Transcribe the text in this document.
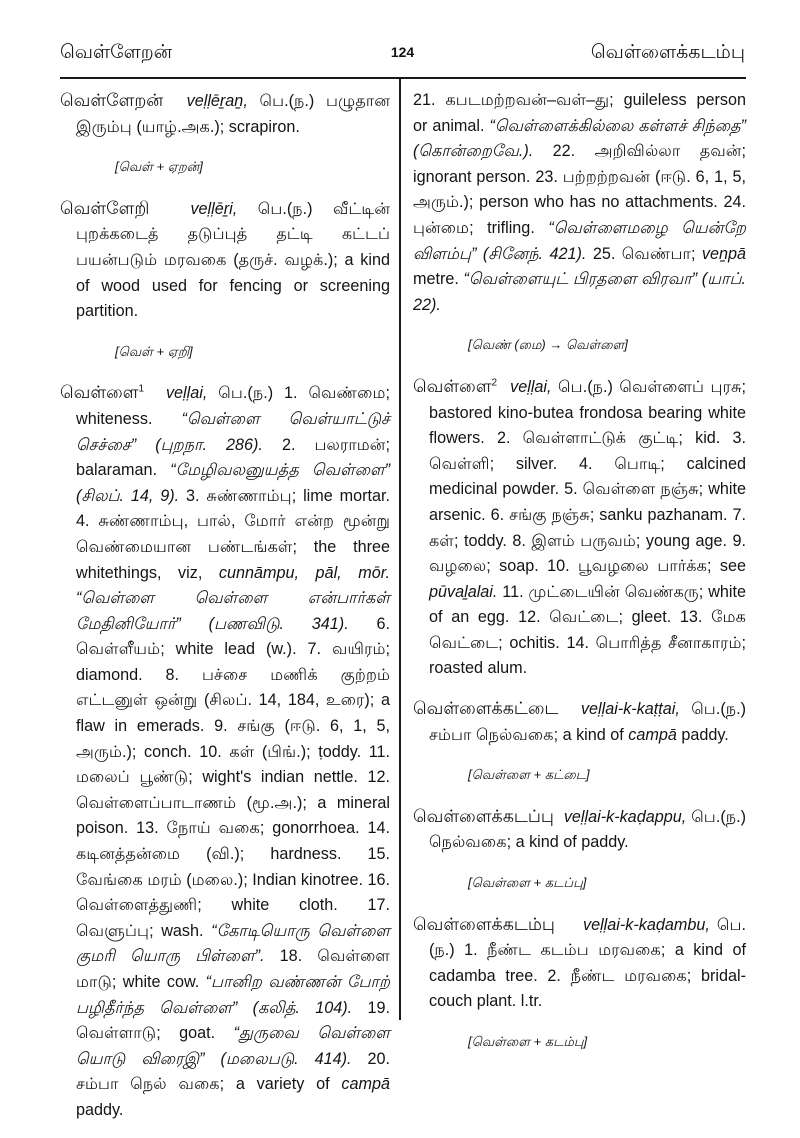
வெள்ளேறன்	124	வெள்ளைக்கடம்பு

வெள்ளேறன் veḷḷēṟaṉ, பெ.(ந.) பழுதான இரும்பு (யாழ்.அக.); scrapiron.

[வெள் + ஏறன்]

வெள்ளேறி	veḷḷēṟi, பெ.(ந.) வீட்டின் புறக்கடைத் தடுப்புத் தட்டி கட்டப் பயன்படும் மரவகை (தருச். வழக்.); a kind of wood used for fencing or screening partition.

[வெள் + ஏறி]

வெள்ளை$^1$ veḷḷai, பெ.(ந.) 1. வெண்மை; whiteness. “வெள்ளை வெள்யாட்டுச் செச்சை” (புறநா. 286). 2. பலராமன்; balaraman. “மேழிவலனுயத்த வெள்ளை” (சிலப். 14, 9). 3. சுண்ணாம்பு; lime mortar. 4. சுண்ணாம்பு, பால், மோர் என்ற மூன்று வெண்மையான பண்டங்கள்; the three whitethings, viz, cunnāmpu, pāl, mōr. “வெள்ளை வெள்ளை என்பார்கள் மேதினியோர்” (பணவிடு. 341). 6. வெள்ளீயம்; white lead (w.). 7. வயிரம்; diamond. 8. பச்சை மணிக் குற்றம் எட்டனுள் ஒன்று (சிலப். 14, 184, உரை); a flaw in emerads. 9. சங்கு (ஈடு. 6, 1, 5, அரும்.); conch. 10. கள் (பிங்.); ṭoddy. 11. மலைப் பூண்டு; wight's indian nettle. 12. வெள்ளைப்பாடாணம் (மூ.அ.); a mineral poison. 13. நோய் வகை; gonorrhoea. 14. கடினத்தன்மை (வி.); hardness. 15. வேங்கை மரம் (மலை.); Indian kinotree. 16. வெள்ளைத்துணி; white cloth. 17. வெளுப்பு; wash. “கோடியொரு வெள்ளை குமரி யொரு பிள்ளை”. 18. வெள்ளை மாடு; white cow. “பானிற வண்ணன் போற் பழிதீர்ந்த வெள்ளை” (கலித். 104). 19. வெள்ளாடு; goat. “துருவை வெள்ளை யொடு விரைஇ” (மலைபடு. 414). 20. சம்பா நெல் வகை; a variety of campā paddy.

21. கபடமற்றவன்–வள்–து; guileless person or animal. “வெள்ளைக்கில்லை கள்ளச் சிந்தை” (கொன்றைவே.). 22. அறிவில்லா தவன்; ignorant person. 23. பற்றற்றவன் (ஈடு. 6, 1, 5, அரும்.); person who has no attachments. 24. புன்மை; trifling. “வெள்ளைமழை யென்றே விளம்பு” (சினேந். 421). 25. வெண்பா; veṉpā metre. “வெள்ளையுட் பிரதளை விரவா” (யாப். 22).

[வெண் (மை) → வெள்ளை]

வெள்ளை$^2$ veḷḷai, பெ.(ந.) வெள்ளைப் புரசு; bastored kino-butea frondosa bearing white flowers. 2. வெள்ளாட்டுக் குட்டி; kid. 3. வெள்ளி; silver. 4. பொடி; calcined medicinal powder. 5. வெள்ளை நஞ்சு; white arsenic. 6. சங்கு நஞ்சு; sanku pazhanam. 7. கள்; toddy. 8. இளம் பருவம்; young age. 9. வழலை; soap. 10. பூவழலை பார்க்க; see pūvaḻalai. 11. முட்டையின் வெண்கரு; white of an egg. 12. வெட்டை; gleet. 13. மேக வெட்டை; ochitis. 14. பொரித்த சீனாகாரம்; roasted alum.

வெள்ளைக்கட்டை veḷḷai-k-kaṭṭai, பெ.(ந.) சம்பா நெல்வகை; a kind of campā paddy.

[வெள்ளை + கட்டை]

வெள்ளைக்கடப்பு veḷḷai-k-kaḍappu, பெ.(ந.) நெல்வகை; a kind of paddy.

[வெள்ளை + கடப்பு]

வெள்ளைக்கடம்பு veḷḷai-k-kaḍambu, பெ.(ந.) 1. நீண்ட கடம்ப மரவகை; a kind of cadamba tree. 2. நீண்ட மரவகை; bridal-couch plant. l.tr.

[வெள்ளை + கடம்பு]
